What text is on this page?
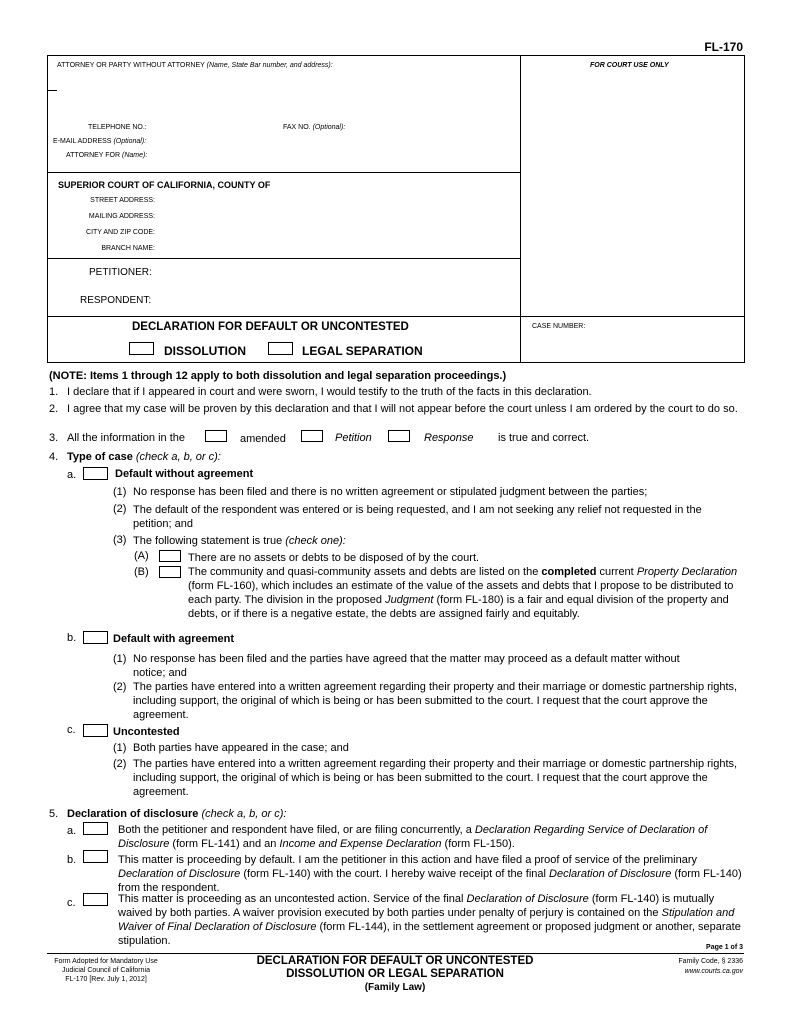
FL-170
ATTORNEY OR PARTY WITHOUT ATTORNEY (Name, State Bar number, and address):	FOR COURT USE ONLY
TELEPHONE NO.:	FAX NO. (Optional):
E-MAIL ADDRESS (Optional):
ATTORNEY FOR (Name):
SUPERIOR COURT OF CALIFORNIA, COUNTY OF
STREET ADDRESS:
MAILING ADDRESS:
CITY AND ZIP CODE:
BRANCH NAME:
PETITIONER:
RESPONDENT:
DECLARATION FOR DEFAULT OR UNCONTESTED
DISSOLUTION	LEGAL SEPARATION
CASE NUMBER:
(NOTE: Items 1 through 12 apply to both dissolution and legal separation proceedings.)
1. I declare that if I appeared in court and were sworn, I would testify to the truth of the facts in this declaration.
2. I agree that my case will be proven by this declaration and that I will not appear before the court unless I am ordered by the court to do so.
3. All the information in the	amended	Petition	Response is true and correct.
4. Type of case (check a, b, or c):
a.	Default without agreement
(1) No response has been filed and there is no written agreement or stipulated judgment between the parties;
(2) The default of the respondent was entered or is being requested, and I am not seeking any relief not requested in the petition; and
(3) The following statement is true (check one):
(A)	There are no assets or debts to be disposed of by the court.
(B)	The community and quasi-community assets and debts are listed on the completed current Property Declaration (form FL-160), which includes an estimate of the value of the assets and debts that I propose to be distributed to each party. The division in the proposed Judgment (form FL-180) is a fair and equal division of the property and debts, or if there is a negative estate, the debts are assigned fairly and equitably.
b.	Default with agreement
(1) No response has been filed and the parties have agreed that the matter may proceed as a default matter without notice; and
(2) The parties have entered into a written agreement regarding their property and their marriage or domestic partnership rights, including support, the original of which is being or has been submitted to the court. I request that the court approve the agreement.
c.	Uncontested
(1) Both parties have appeared in the case; and
(2) The parties have entered into a written agreement regarding their property and their marriage or domestic partnership rights, including support, the original of which is being or has been submitted to the court. I request that the court approve the agreement.
5. Declaration of disclosure (check a, b, or c):
a.	Both the petitioner and respondent have filed, or are filing concurrently, a Declaration Regarding Service of Declaration of Disclosure (form FL-141) and an Income and Expense Declaration (form FL-150).
b.	This matter is proceeding by default. I am the petitioner in this action and have filed a proof of service of the preliminary Declaration of Disclosure (form FL-140) with the court. I hereby waive receipt of the final Declaration of Disclosure (form FL-140) from the respondent.
c.	This matter is proceeding as an uncontested action. Service of the final Declaration of Disclosure (form FL-140) is mutually waived by both parties. A waiver provision executed by both parties under penalty of perjury is contained on the Stipulation and Waiver of Final Declaration of Disclosure (form FL-144), in the settlement agreement or proposed judgment or another, separate stipulation.
Page 1 of 3
Form Adopted for Mandatory Use
Judicial Council of California
FL-170 [Rev. July 1, 2012]
DECLARATION FOR DEFAULT OR UNCONTESTED
DISSOLUTION OR LEGAL SEPARATION
(Family Law)
Family Code, § 2336
www.courts.ca.gov
